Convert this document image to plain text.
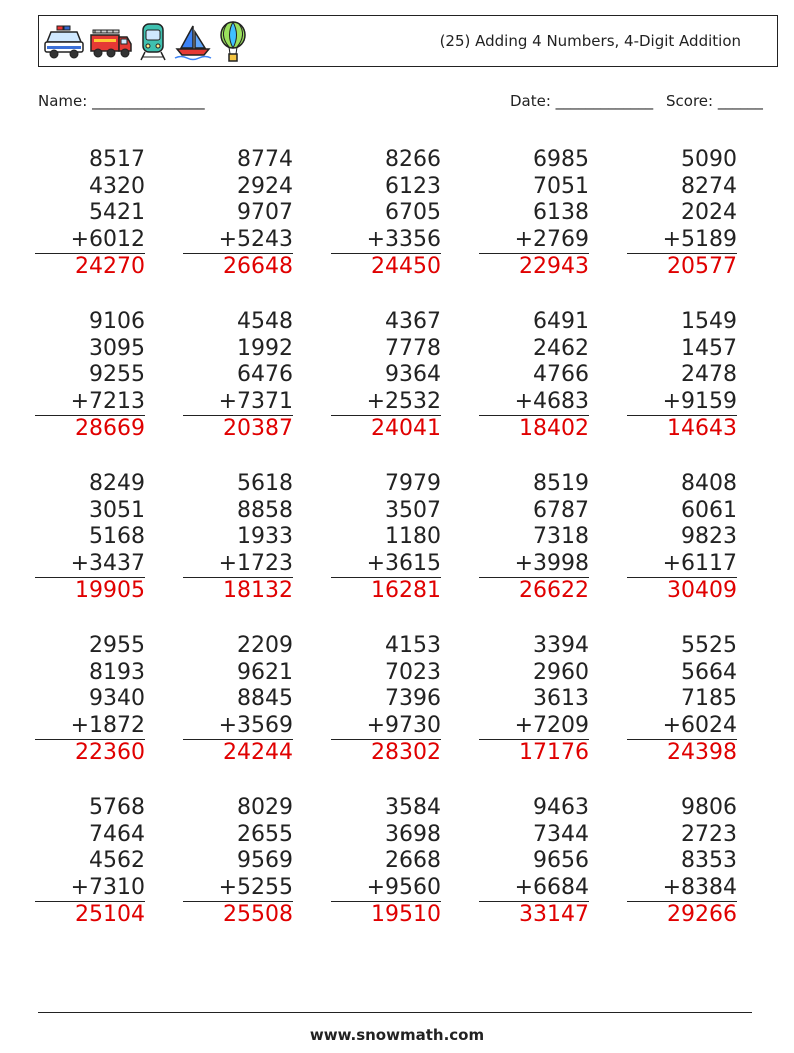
(25) Adding 4 Numbers, 4-Digit Addition
Name: _______________	Date: _____________ Score: ______
8517
4320
5421
+6012
24270
8774
2924
9707
+5243
26648
8266
6123
6705
+3356
24450
6985
7051
6138
+2769
22943
5090
8274
2024
+5189
20577
9106
3095
9255
+7213
28669
4548
1992
6476
+7371
20387
4367
7778
9364
+2532
24041
6491
2462
4766
+4683
18402
1549
1457
2478
+9159
14643
8249
3051
5168
+3437
19905
5618
8858
1933
+1723
18132
7979
3507
1180
+3615
16281
8519
6787
7318
+3998
26622
8408
6061
9823
+6117
30409
2955
8193
9340
+1872
22360
2209
9621
8845
+3569
24244
4153
7023
7396
+9730
28302
3394
2960
3613
+7209
17176
5525
5664
7185
+6024
24398
5768
7464
4562
+7310
25104
8029
2655
9569
+5255
25508
3584
3698
2668
+9560
19510
9463
7344
9656
+6684
33147
9806
2723
8353
+8384
29266
www.snowmath.com
